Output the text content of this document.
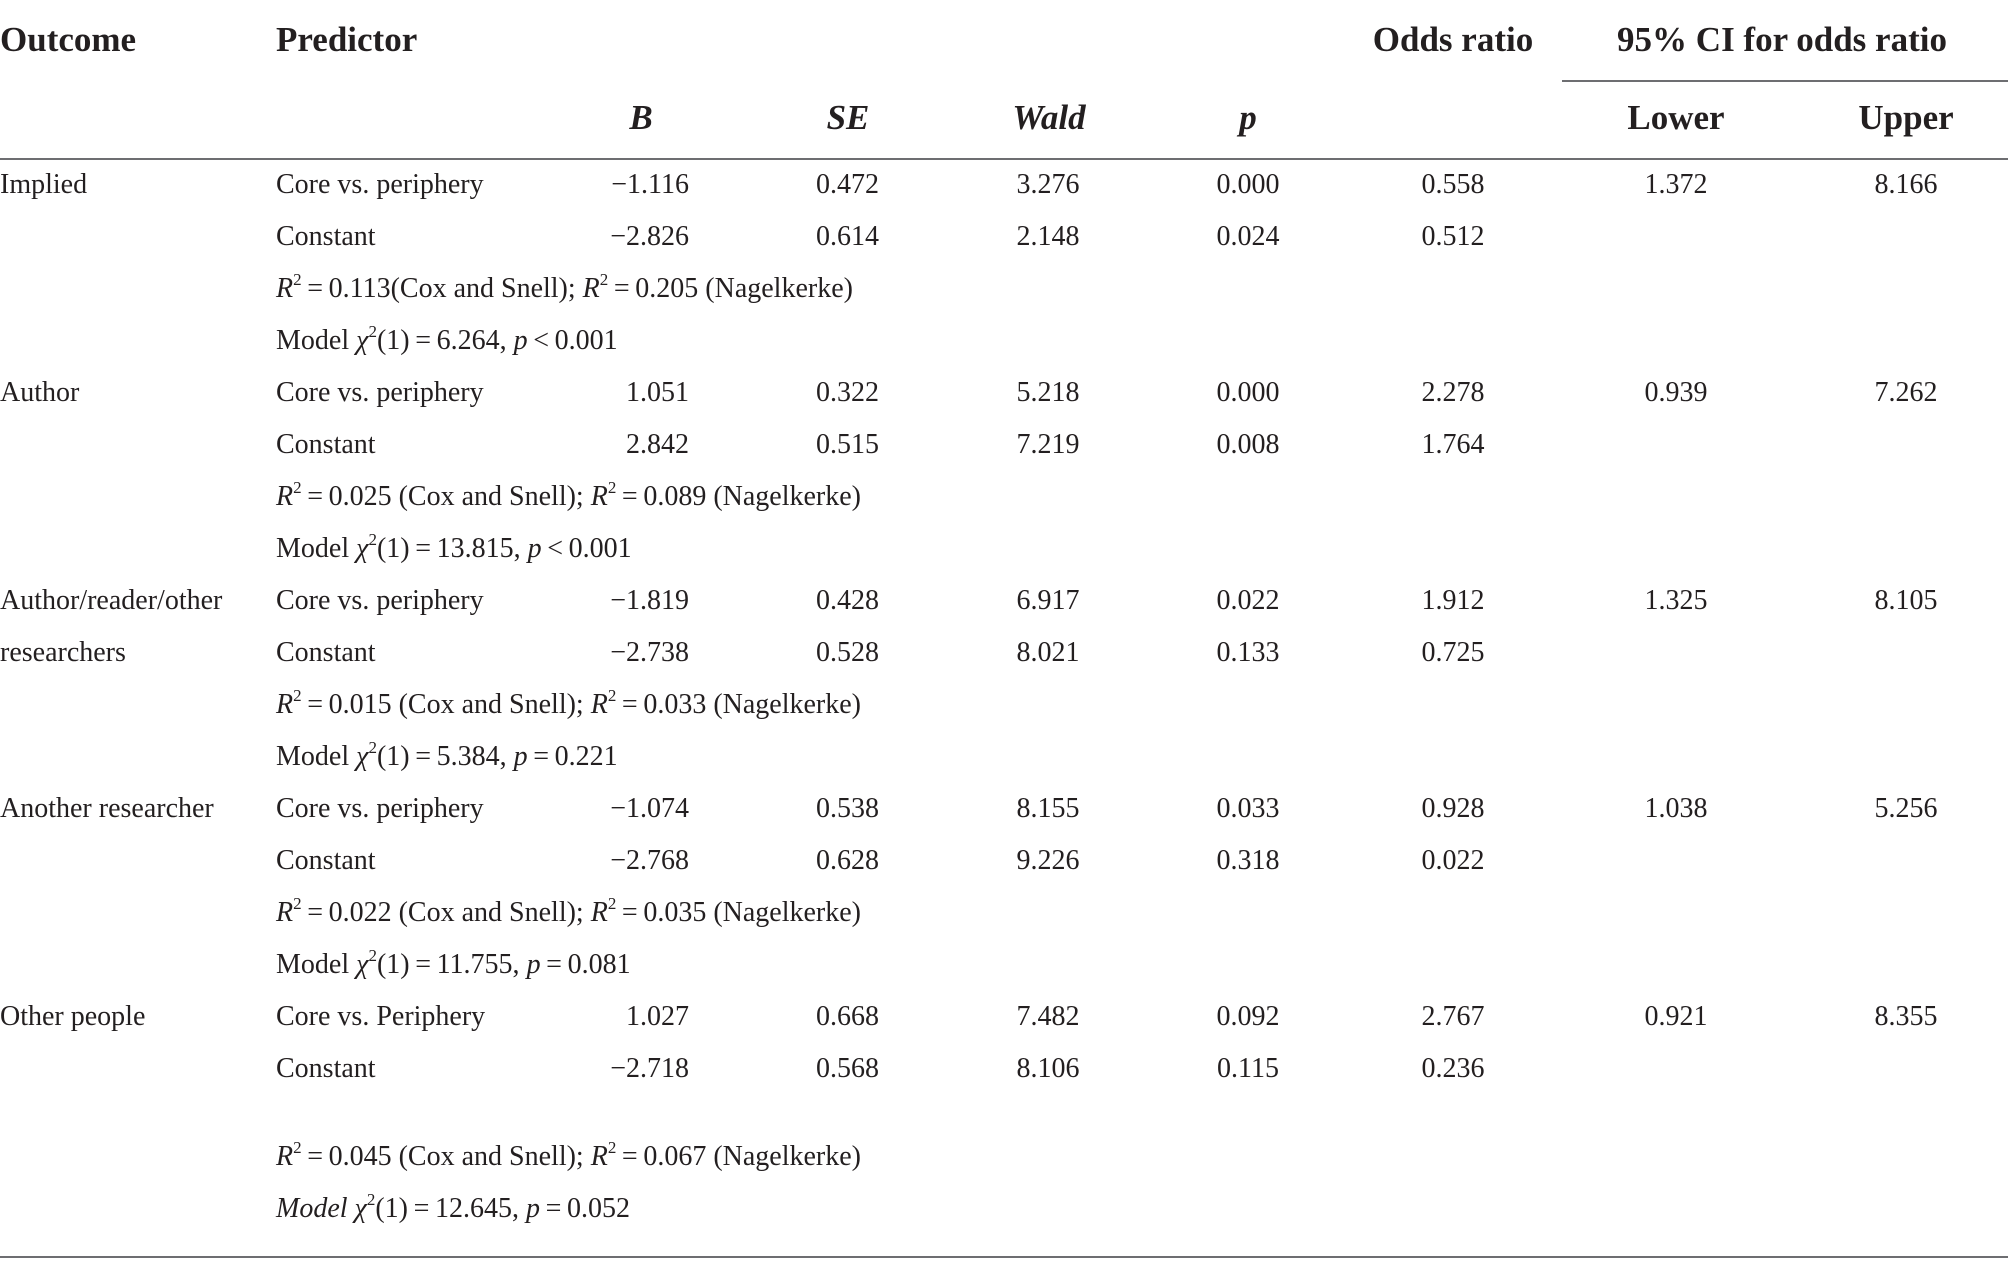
Outcome	Predictor	Odds ratio 95% CI for odds ratio
B	SE	Wald	p	Lower	Upper
Implied	Core vs. periphery	−1.116	0.472	3.276	0.000	0.558	1.372	8.166
Constant	−2.826	0.614	2.148	0.024	0.512
$R^2 = 0.113(Cox$ and Snell); $R^2 = 0.205$ (Nagelkerke)
Model $\chi^2(1) = 6.264$, p < 0.001
Author	Core vs. periphery	1.051	0.322	5.218	0.000	2.278	0.939	7.262
Constant	2.842	0.515	7.219	0.008	1.764
$R^2 = 0.025$ (Cox and Snell); $R^2 = 0.089$ (Nagelkerke)
Model $\chi^2(1) = 13.815$, p < 0.001
Author/reader/other
researchers
Core vs. periphery	−1.819	0.428	6.917	0.022	1.912	1.325	8.105
Constant	−2.738	0.528	8.021	0.133	0.725
$R^2 = 0.015$ (Cox and Snell); $R^2 = 0.033$ (Nagelkerke)
Model $\chi^2(1) = 5.384$, p = 0.221
Another researcher Core vs. periphery	−1.074	0.538	8.155	0.033	0.928	1.038	5.256
Constant	−2.768	0.628	9.226	0.318	0.022
$R^2 = 0.022$ (Cox and Snell); $R^2 = 0.035$ (Nagelkerke)
Model $\chi^2(1) = 11.755$, p = 0.081
Other people	Core vs. Periphery	1.027	0.668	7.482	0.092	2.767	0.921	8.355
Constant	−2.718	0.568	8.106	0.115	0.236
$R^2 = 0.045$ (Cox and Snell); $R^2 = 0.067$ (Nagelkerke)
Model $\chi^2(1) = 12.645$, p = 0.052
